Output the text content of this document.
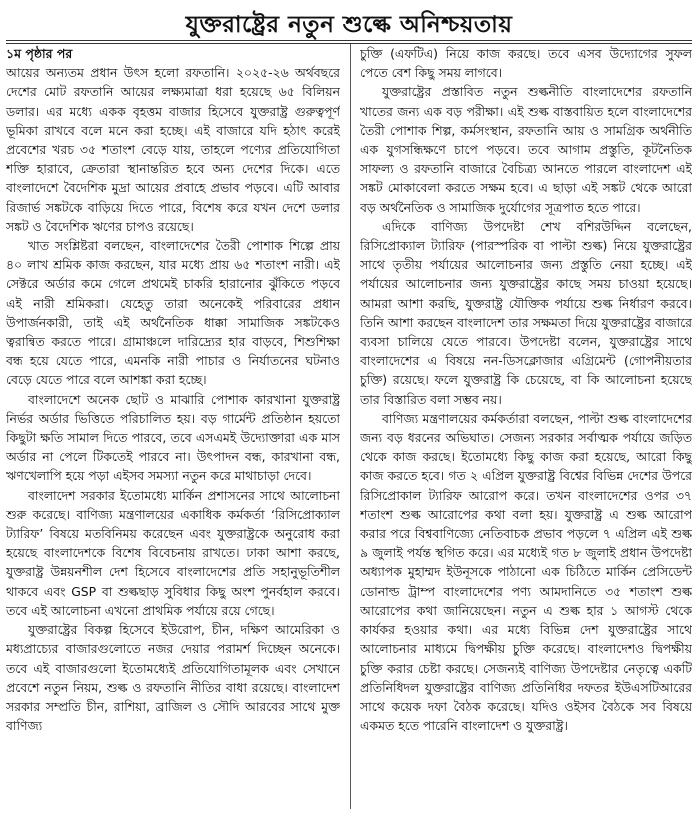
যুক্তরাষ্ট্রের নতুন শুল্কে অনিশ্চয়তায়

১ম পৃষ্ঠার পর

আয়ের অন্যতম প্রধান উৎস হলো রফতানি। ২০২৫-২৬ অর্থবছরে দেশের মোট রফতানি আয়ের লক্ষ্যমাত্রা ধরা হয়েছে ৬৫ বিলিয়ন ডলার। এর মধ্যে একক বৃহত্তম বাজার হিসেবে যুক্তরাষ্ট্র গুরুত্বপূর্ণ ভূমিকা রাখবে বলে মনে করা হচ্ছে। এই বাজারে যদি হঠাৎ করেই প্রবেশের খরচ ৩৫ শতাংশ বেড়ে যায়, তাহলে পণ্যের প্রতিযোগিতা শক্তি হারাবে, ক্রেতারা স্থানান্তরিত হবে অন্য দেশের দিকে। এতে বাংলাদেশে বৈদেশিক মুদ্রা আয়ের প্রবাহে প্রভাব পড়বে। এটি আবার রিজার্ভ সঙ্কটকে বাড়িয়ে দিতে পারে, বিশেষ করে যখন দেশে ডলার সঙ্কট ও বৈদেশিক ঋণের চাপও রয়েছে।

খাত সংশ্লিষ্টরা বলছেন, বাংলাদেশের তৈরী পোশাক শিল্পে প্রায় ৪০ লাখ শ্রমিক কাজ করছেন, যার মধ্যে প্রায় ৬৫ শতাংশ নারী। এই সেক্টরে অর্ডার কমে গেলে প্রথমেই চাকরি হারানোর ঝুঁকিতে পড়বে এই নারী শ্রমিকরা। যেহেতু তারা অনেকেই পরিবারের প্রধান উপার্জনকারী, তাই এই অর্থনৈতিক ধাক্কা সামাজিক সঙ্কটকেও ত্বরান্বিত করতে পারে। গ্রামাঞ্চলে দারিদ্র্যের হার বাড়বে, শিশুশিক্ষা বন্ধ হয়ে যেতে পারে, এমনকি নারী পাচার ও নির্যাতনের ঘটনাও বেড়ে যেতে পারে বলে আশঙ্কা করা হচ্ছে।

বাংলাদেশে অনেক ছোট ও মাঝারি পোশাক কারখানা যুক্তরাষ্ট্র নির্ভর অর্ডার ভিত্তিতে পরিচালিত হয়। বড় গার্মেন্ট প্রতিষ্ঠান হয়তো কিছুটা ক্ষতি সামাল দিতে পারবে, তবে এসএমই উদ্যোক্তারা এক মাস অর্ডার না পেলে টিকতেই পারবে না। উৎপাদন বন্ধ, কারখানা বন্ধ, ঋণখেলাপি হয়ে পড়া এইসব সমস্যা নতুন করে মাথাচাড়া দেবে।

বাংলাদেশ সরকার ইতোমধ্যে মার্কিন প্রশাসনের সাথে আলোচনা শুরু করেছে। বাণিজ্য মন্ত্রণালয়ের একাধিক কর্মকর্তা ‘রিসিপ্রোক্যাল ট্যারিফ’ বিষয়ে মতবিনিময় করেছেন এবং যুক্তরাষ্ট্রকে অনুরোধ করা হয়েছে বাংলাদেশকে বিশেষ বিবেচনায় রাখতে। ঢাকা আশা করছে, যুক্তরাষ্ট্র উন্নয়নশীল দেশ হিসেবে বাংলাদেশের প্রতি সহানুভূতিশীল থাকবে এবং GSP বা শুল্কছাড় সুবিধার কিছু অংশ পুনর্বহাল করবে। তবে এই আলোচনা এখনো প্রাথমিক পর্যায়ে রয়ে গেছে।

যুক্তরাষ্ট্রের বিকল্প হিসেবে ইউরোপ, চীন, দক্ষিণ আমেরিকা ও মধ্যপ্রাচ্যের বাজারগুলোতে নজর দেয়ার পরামর্শ দিচ্ছেন অনেকে। তবে এই বাজারগুলো ইতোমধ্যেই প্রতিযোগিতামূলক এবং সেখানে প্রবেশে নতুন নিয়ম, শুল্ক ও রফতানি নীতির বাধা রয়েছে। বাংলাদেশ সরকার সম্প্রতি চীন, রাশিয়া, ব্রাজিল ও সৌদি আরবের সাথে মুক্ত বাণিজ্য

চুক্তি (এফটিএ) নিয়ে কাজ করছে। তবে এসব উদ্যোগের সুফল পেতে বেশ কিছু সময় লাগবে।

যুক্তরাষ্ট্রের প্রস্তাবিত নতুন শুল্কনীতি বাংলাদেশের রফতানি খাতের জন্য এক বড় পরীক্ষা। এই শুল্ক বাস্তবায়িত হলে বাংলাদেশের তৈরী পোশাক শিল্প, কর্মসংস্থান, রফতানি আয় ও সামগ্রিক অর্থনীতি এক যুগসন্ধিক্ষণে চাপে পড়বে। তবে আগাম প্রস্তুতি, কূটনৈতিক সাফল্য ও রফতানি বাজারে বৈচিত্র্য আনতে পারলে বাংলাদেশ এই সঙ্কট মোকাবেলা করতে সক্ষম হবে। এ ছাড়া এই সঙ্কট থেকে আরো বড় অর্থনৈতিক ও সামাজিক দুর্যোগের সূত্রপাত হতে পারে।

এদিকে বাণিজ্য উপদেষ্টা শেখ বশিরউদ্দিন বলেছেন, রিসিপ্রোক্যাল ট্যারিফ (পারস্পরিক বা পাল্টা শুল্ক) নিয়ে যুক্তরাষ্ট্রের সাথে তৃতীয় পর্যায়ের আলোচনার জন্য প্রস্তুতি নেয়া হচ্ছে। এই পর্যায়ের আলোচনার জন্য যুক্তরাষ্ট্রের কাছে সময় চাওয়া হয়েছে। আমরা আশা করছি, যুক্তরাষ্ট্র যৌক্তিক পর্যায়ে শুল্ক নির্ধারণ করবে। তিনি আশা করছেন বাংলাদেশ তার সক্ষমতা দিয়ে যুক্তরাষ্ট্রের বাজারে ব্যবসা চালিয়ে যেতে পারবে। উপদেষ্টা বলেন, যুক্তরাষ্ট্রের সাথে বাংলাদেশের এ বিষয়ে নন-ডিসক্লোজার এগ্রিমেন্ট (গোপনীয়তার চুক্তি) রয়েছে। ফলে যুক্তরাষ্ট্র কি চেয়েছে, বা কি আলোচনা হয়েছে তার বিস্তারিত বলা সম্ভব নয়।

বাণিজ্য মন্ত্রণালয়ের কর্মকর্তারা বলছেন, পাল্টা শুল্ক বাংলাদেশের জন্য বড় ধরনের অভিঘাত। সেজন্য সরকার সর্বাত্মক পর্যায়ে জড়িত থেকে কাজ করছে। ইতোমধ্যে কিছু কাজ করা হয়েছে, আরো কিছু কাজ করতে হবে। গত ২ এপ্রিল যুক্তরাষ্ট্র বিশ্বের বিভিন্ন দেশের উপরে রিসিপ্রোকাল ট্যারিফ আরোপ করে। তখন বাংলাদেশের ওপর ৩৭ শতাংশ শুল্ক আরোপের কথা বলা হয়। যুক্তরাষ্ট্র এ শুল্ক আরোপ করার পরে বিশ্ববাণিজ্যে নেতিবাচক প্রভাব পড়লে ৭ এপ্রিল এই শুল্ক ৯ জুলাই পর্যন্ত স্থগিত করে। এর মধ্যেই গত ৮ জুলাই প্রধান উপদেষ্টা অধ্যাপক মুহাম্মদ ইউনূসকে পাঠানো এক চিঠিতে মার্কিন প্রেসিডেন্ট ডোনাল্ড ট্রাম্প বাংলাদেশের পণ্য আমদানিতে ৩৫ শতাংশ শুল্ক আরোপের কথা জানিয়েছেন। নতুন এ শুল্ক হার ১ আগস্ট থেকে কার্যকর হওয়ার কথা। এর মধ্যে বিভিন্ন দেশ যুক্তরাষ্ট্রের সাথে আলোচনার মাধ্যমে দ্বিপক্ষীয় চুক্তি করেছে। বাংলাদেশও দ্বিপক্ষীয় চুক্তি করার চেষ্টা করছে। সেজন্যই বাণিজ্য উপদেষ্টার নেতৃত্বে একটি প্রতিনিধিদল যুক্তরাষ্ট্রের বাণিজ্য প্রতিনিধির দফতর ইউএসটিআরের সাথে কয়েক দফা বৈঠক করেছে। যদিও ওইসব বৈঠকে সব বিষয়ে একমত হতে পারেনি বাংলাদেশ ও যুক্তরাষ্ট্র।
